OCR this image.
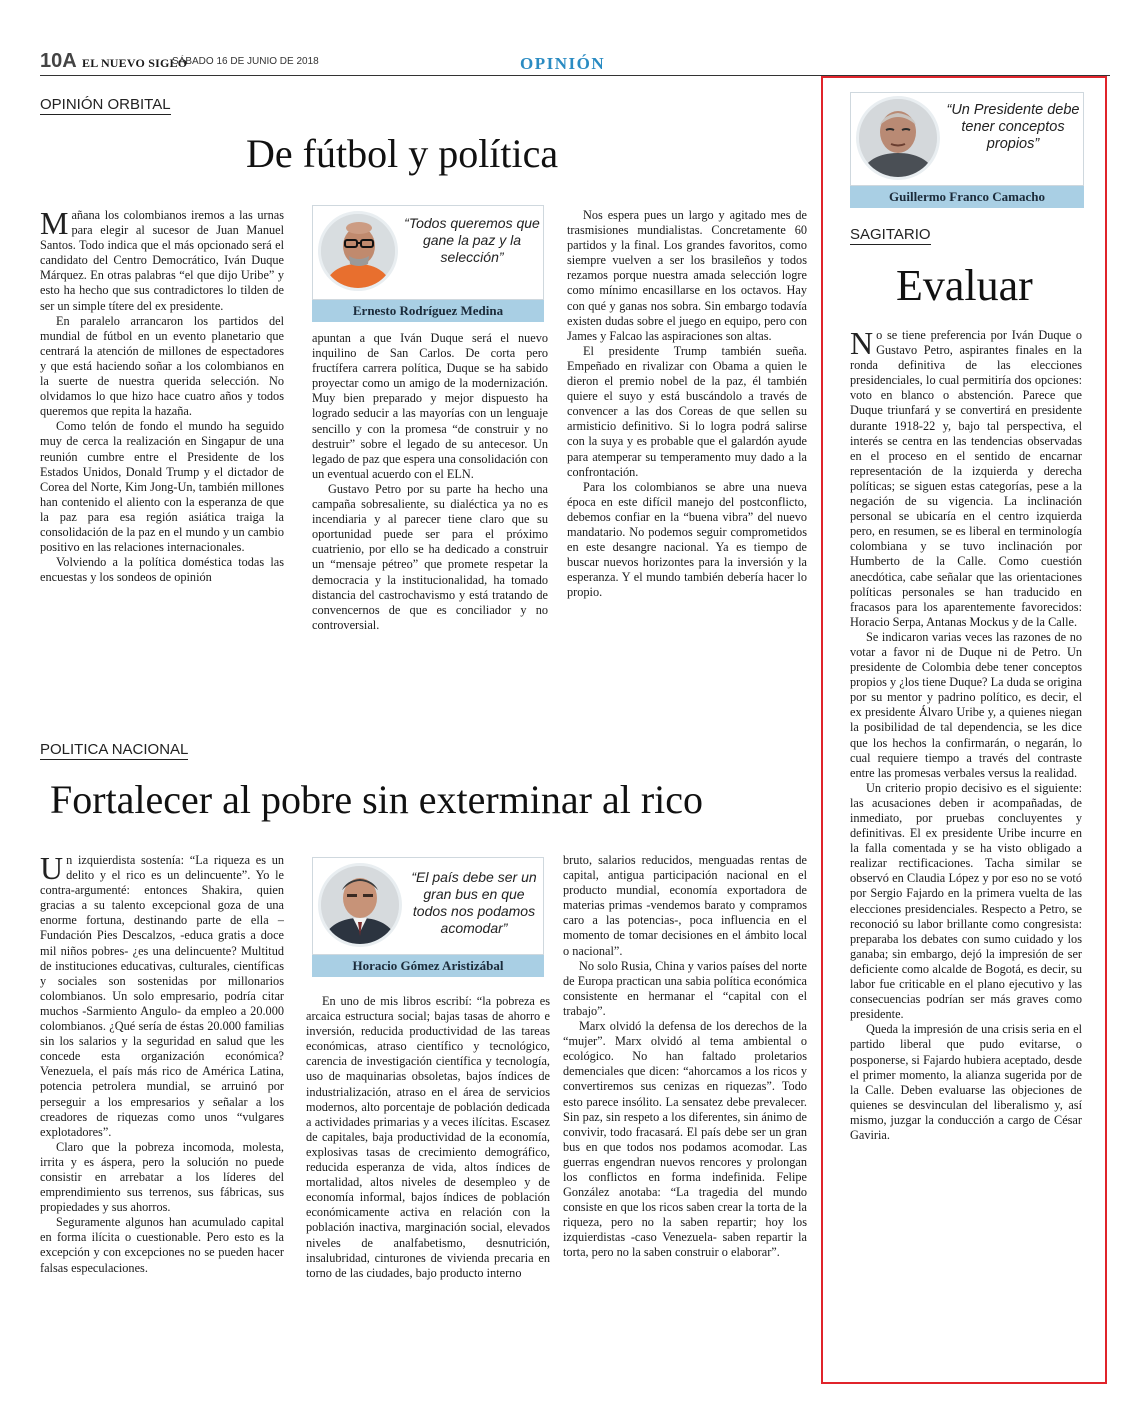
10A EL NUEVO SIGLO
SÁBADO 16 DE JUNIO DE 2018	OPINIÓN
OPINIÓN ORBITAL
De fútbol y política

Mañana los colombianos iremos a las urnas para elegir al sucesor de Juan Manuel Santos. Todo indica que el más opcionado será el candidato del Centro Democrático, Iván Duque Márquez. En otras palabras “el que dijo Uribe” y esto ha hecho que sus contradictores lo tilden de ser un simple títere del ex presidente.

En paralelo arrancaron los partidos del mundial de fútbol en un evento planetario que centrará la atención de millones de espectadores y que está haciendo soñar a los colombianos en la suerte de nuestra querida selección. No olvidamos lo que hizo hace cuatro años y todos queremos que repita la hazaña.

Como telón de fondo el mundo ha seguido muy de cerca la realización en Singapur de una reunión cumbre entre el Presidente de los Estados Unidos, Donald Trump y el dictador de Corea del Norte, Kim Jong-Un, también millones han contenido el aliento con la esperanza de que la paz para esa región asiática traiga la consolidación de la paz en el mundo y un cambio positivo en las relaciones internacionales.

Volviendo a la política doméstica todas las encuestas y los sondeos de opinión

“Todos queremos que gane la paz y la selección”
Ernesto Rodríguez Medina

apuntan a que Iván Duque será el nuevo inquilino de San Carlos. De corta pero fructífera carrera política, Duque se ha sabido proyectar como un amigo de la modernización. Muy bien preparado y mejor dispuesto ha logrado seducir a las mayorías con un lenguaje sencillo y con la promesa “de construir y no destruir” sobre el legado de su antecesor. Un legado de paz que espera una consolidación con un eventual acuerdo con el ELN.

Gustavo Petro por su parte ha hecho una campaña sobresaliente, su dialéctica ya no es incendiaria y al parecer tiene claro que su oportunidad puede ser para el próximo cuatrienio, por ello se ha dedicado a construir un “mensaje pétreo” que promete respetar la democracia y la institucionalidad, ha tomado distancia del castrochavismo y está tratando de convencernos de que es conciliador y no controversial.

Nos espera pues un largo y agitado mes de trasmisiones mundialistas. Concretamente 60 partidos y la final. Los grandes favoritos, como siempre vuelven a ser los brasileños y todos rezamos porque nuestra amada selección logre como mínimo encasillarse en los octavos. Hay con qué y ganas nos sobra. Sin embargo todavía existen dudas sobre el juego en equipo, pero con James y Falcao las aspiraciones son altas.

El presidente Trump también sueña. Empeñado en rivalizar con Obama a quien le dieron el premio nobel de la paz, él también quiere el suyo y está buscándolo a través de convencer a las dos Coreas de que sellen su armisticio definitivo. Si lo logra podrá salirse con la suya y es probable que el galardón ayude para atemperar su temperamento muy dado a la confrontación.

Para los colombianos se abre una nueva época en este difícil manejo del postconflicto, debemos confiar en la “buena vibra” del nuevo mandatario. No podemos seguir comprometidos en este desangre nacional. Ya es tiempo de buscar nuevos horizontes para la inversión y la esperanza. Y el mundo también debería hacer lo propio.

POLITICA NACIONAL
Fortalecer al pobre sin exterminar al rico

Un izquierdista sostenía: “La riqueza es un delito y el rico es un delincuente”. Yo le contra-argumenté: entonces Shakira, quien gracias a su talento excepcional goza de una enorme fortuna, destinando parte de ella –Fundación Pies Descalzos, -educa gratis a doce mil niños pobres- ¿es una delincuente? Multitud de instituciones educativas, culturales, científicas y sociales son sostenidas por millonarios colombianos. Un solo empresario, podría citar muchos -Sarmiento Angulo- da empleo a 20.000 colombianos. ¿Qué sería de éstas 20.000 familias sin los salarios y la seguridad en salud que les concede esta organización económica? Venezuela, el país más rico de América Latina, potencia petrolera mundial, se arruinó por perseguir a los empresarios y señalar a los creadores de riquezas como unos “vulgares explotadores”.

Claro que la pobreza incomoda, molesta, irrita y es áspera, pero la solución no puede consistir en arrebatar a los líderes del emprendimiento sus terrenos, sus fábricas, sus propiedades y sus ahorros.

Seguramente algunos han acumulado capital en forma ilícita o cuestionable. Pero esto es la excepción y con excepciones no se pueden hacer falsas especulaciones.

“El país debe ser un gran bus en que todos nos podamos acomodar”
Horacio Gómez Aristizábal

En uno de mis libros escribí: “la pobreza es arcaica estructura social; bajas tasas de ahorro e inversión, reducida productividad de las tareas económicas, atraso científico y tecnológico, carencia de investigación científica y tecnología, uso de maquinarias obsoletas, bajos índices de industrialización, atraso en el área de servicios modernos, alto porcentaje de población dedicada a actividades primarias y a veces ilícitas. Escasez de capitales, baja productividad de la economía, explosivas tasas de crecimiento demográfico, reducida esperanza de vida, altos índices de mortalidad, altos niveles de desempleo y de economía informal, bajos índices de población económicamente activa en relación con la población inactiva, marginación social, elevados niveles de analfabetismo, desnutrición, insalubridad, cinturones de vivienda precaria en torno de las ciudades, bajo producto interno

bruto, salarios reducidos, menguadas rentas de capital, antigua participación nacional en el producto mundial, economía exportadora de materias primas -vendemos barato y compramos caro a las potencias-, poca influencia en el momento de tomar decisiones en el ámbito local o nacional”.

No solo Rusia, China y varios países del norte de Europa practican una sabia política económica consistente en hermanar el “capital con el trabajo”.

Marx olvidó la defensa de los derechos de la “mujer”. Marx olvidó al tema ambiental o ecológico. No han faltado proletarios demenciales que dicen: “ahorcamos a los ricos y convertiremos sus cenizas en riquezas”. Todo esto parece insólito. La sensatez debe prevalecer. Sin paz, sin respeto a los diferentes, sin ánimo de convivir, todo fracasará. El país debe ser un gran bus en que todos nos podamos acomodar. Las guerras engendran nuevos rencores y prolongan los conflictos en forma indefinida. Felipe González anotaba: “La tragedia del mundo consiste en que los ricos saben crear la torta de la riqueza, pero no la saben repartir; hoy los izquierdistas -caso Venezuela- saben repartir la torta, pero no la saben construir o elaborar”.

“Un Presidente debe tener conceptos propios”
Guillermo Franco Camacho
SAGITARIO
Evaluar

No se tiene preferencia por Iván Duque o Gustavo Petro, aspirantes finales en la ronda definitiva de las elecciones presidenciales, lo cual permitiría dos opciones: voto en blanco o abstención. Parece que Duque triunfará y se convertirá en presidente durante 1918-22 y, bajo tal perspectiva, el interés se centra en las tendencias observadas en el proceso en el sentido de encarnar representación de la izquierda y derecha políticas; se siguen estas categorías, pese a la negación de su vigencia. La inclinación personal se ubicaría en el centro izquierda pero, en resumen, se es liberal en terminología colombiana y se tuvo inclinación por Humberto de la Calle. Como cuestión anecdótica, cabe señalar que las orientaciones políticas personales se han traducido en fracasos para los aparentemente favorecidos: Horacio Serpa, Antanas Mockus y de la Calle.

Se indicaron varias veces las razones de no votar a favor ni de Duque ni de Petro. Un presidente de Colombia debe tener conceptos propios y ¿los tiene Duque? La duda se origina por su mentor y padrino político, es decir, el ex presidente Álvaro Uribe y, a quienes niegan la posibilidad de tal dependencia, se les dice que los hechos la confirmarán, o negarán, lo cual requiere tiempo a través del contraste entre las promesas verbales versus la realidad.

Un criterio propio decisivo es el siguiente: las acusaciones deben ir acompañadas, de inmediato, por pruebas concluyentes y definitivas. El ex presidente Uribe incurre en la falla comentada y se ha visto obligado a realizar rectificaciones. Tacha similar se observó en Claudia López y por eso no se votó por Sergio Fajardo en la primera vuelta de las elecciones presidenciales. Respecto a Petro, se reconoció su labor brillante como congresista: preparaba los debates con sumo cuidado y los ganaba; sin embargo, dejó la impresión de ser deficiente como alcalde de Bogotá, es decir, su labor fue criticable en el plano ejecutivo y las consecuencias podrían ser más graves como presidente.

Queda la impresión de una crisis seria en el partido liberal que pudo evitarse, o posponerse, si Fajardo hubiera aceptado, desde el primer momento, la alianza sugerida por de la Calle. Deben evaluarse las objeciones de quienes se desvinculan del liberalismo y, así mismo, juzgar la conducción a cargo de César Gaviria.
